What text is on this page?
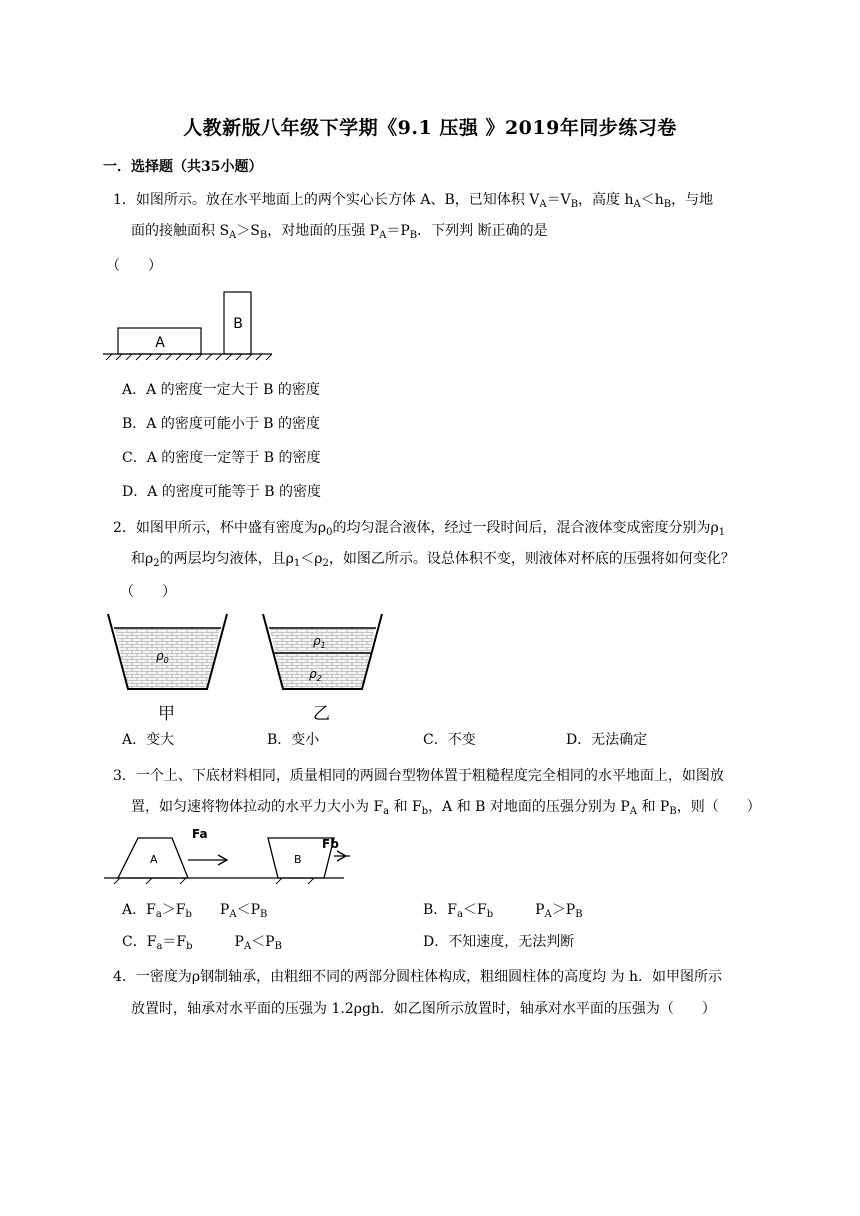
人教新版八年级下学期《9.1 压强 》2019年同步练习卷
一．选择题（共35小题）
1．如图所示。放在水平地面上的两个实心长方体 A、B，已知体积 $V_A=V_B$，高度 $h_A<h_B$，与地
面的接触面积 $S_A>S_B$，对地面的压强 $P_A=P_B$．下列判 断正确的是
（　　）
A
B
A．A 的密度一定大于 B 的密度
B．A 的密度可能小于 B 的密度
C．A 的密度一定等于 B 的密度
D．A 的密度可能等于 B 的密度
2．如图甲所示，杯中盛有密度为$\rho_0$的均匀混合液体，经过一段时间后，混合液体变成密度分别为$\rho_1$
和$\rho_2$的两层均匀液体，且$\rho_1<\rho_2$，如图乙所示。设总体积不变，则液体对杯底的压强将如何变化？
（　　）
$\rho_0$
$\rho_1$
$\rho_2$
甲	乙
A．变大	B．变小	C．不变	D．无法确定
3．一个上、下底材料相同，质量相同的两圆台型物体置于粗糙程度完全相同的水平地面上，如图放
置，如匀速将物体拉动的水平力大小为 $F_a$ 和 $F_b$，A 和 B 对地面的压强分别为 $P_A$ 和 $P_B$，则（　　）
A	B
Fa
Fb
A．$F_a>F_b$　　$P_A<P_B$	B．$F_a<F_b$　　　$P_A>P_B$
C．$F_a=F_b$　　　$P_A<P_B$	D．不知速度，无法判断
4．一密度为ρ钢制轴承，由粗细不同的两部分圆柱体构成，粗细圆柱体的高度均 为 h．如甲图所示
放置时，轴承对水平面的压强为 1.2ρgh．如乙图所示放置时，轴承对水平面的压强为（　　）
